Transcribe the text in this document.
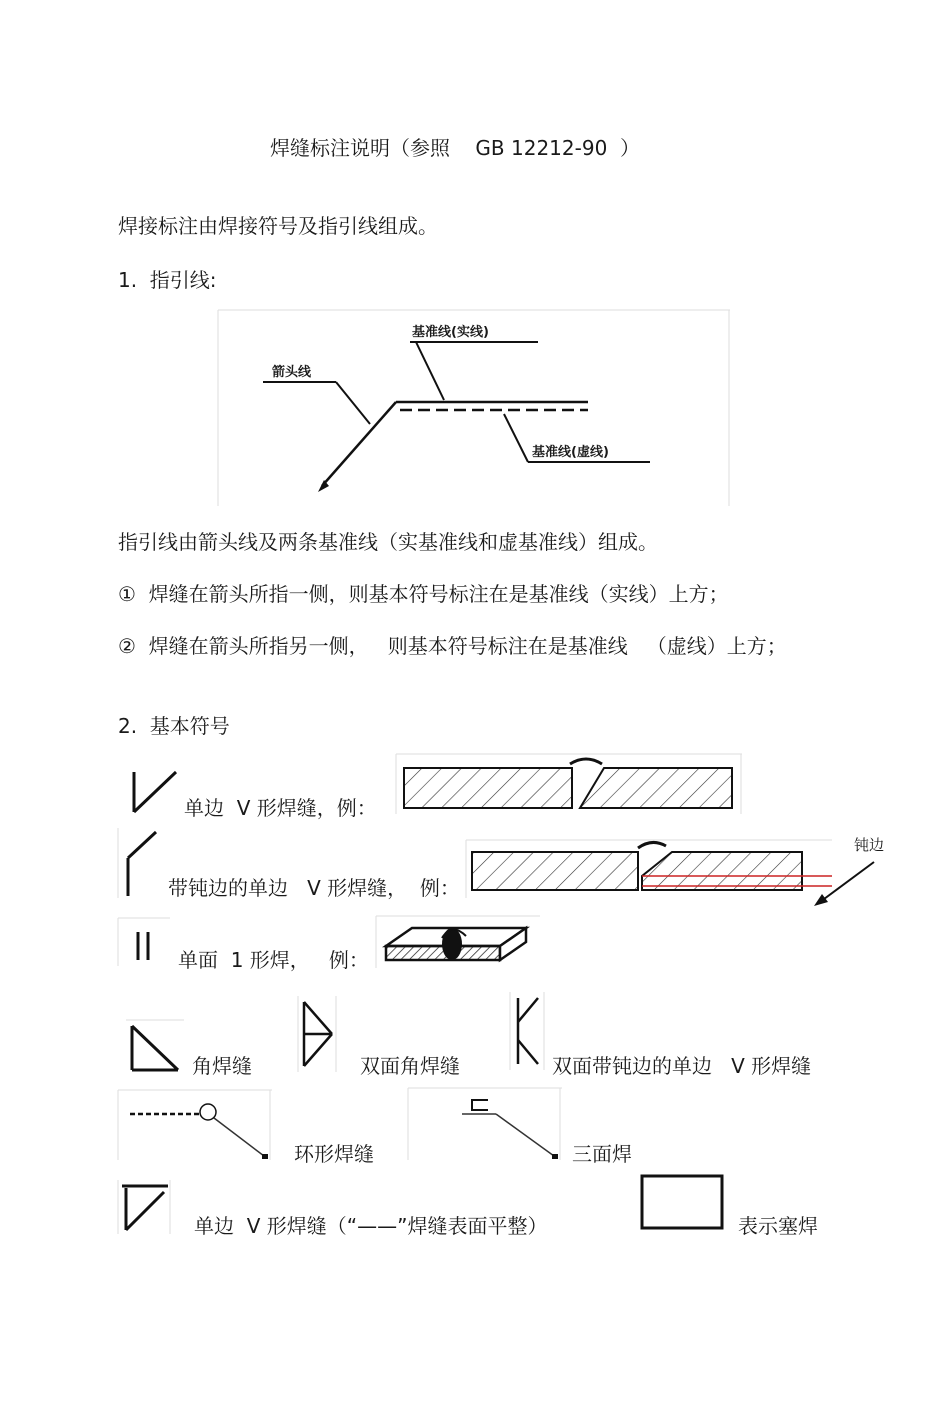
焊缝标注说明（参照    GB 12212-90  ）
焊接标注由焊接符号及指引线组成。
1.  指引线:
基准线(实线)
箭头线
基准线(虚线)
指引线由箭头线及两条基准线（实基准线和虚基准线）组成。
①  焊缝在箭头所指一侧，则基本符号标注在是基准线（实线）上方；
②  焊缝在箭头所指另一侧，   则基本符号标注在是基准线   （虚线）上方；
2.  基本符号
单边  V 形焊缝，例：
带钝边的单边   V 形焊缝，  例：
钝边
单面  1 形焊，   例：
角焊缝	双面角焊缝	双面带钝边的单边   V 形焊缝
环形焊缝	三面焊
单边  V 形焊缝（“——”焊缝表面平整）	表示塞焊
